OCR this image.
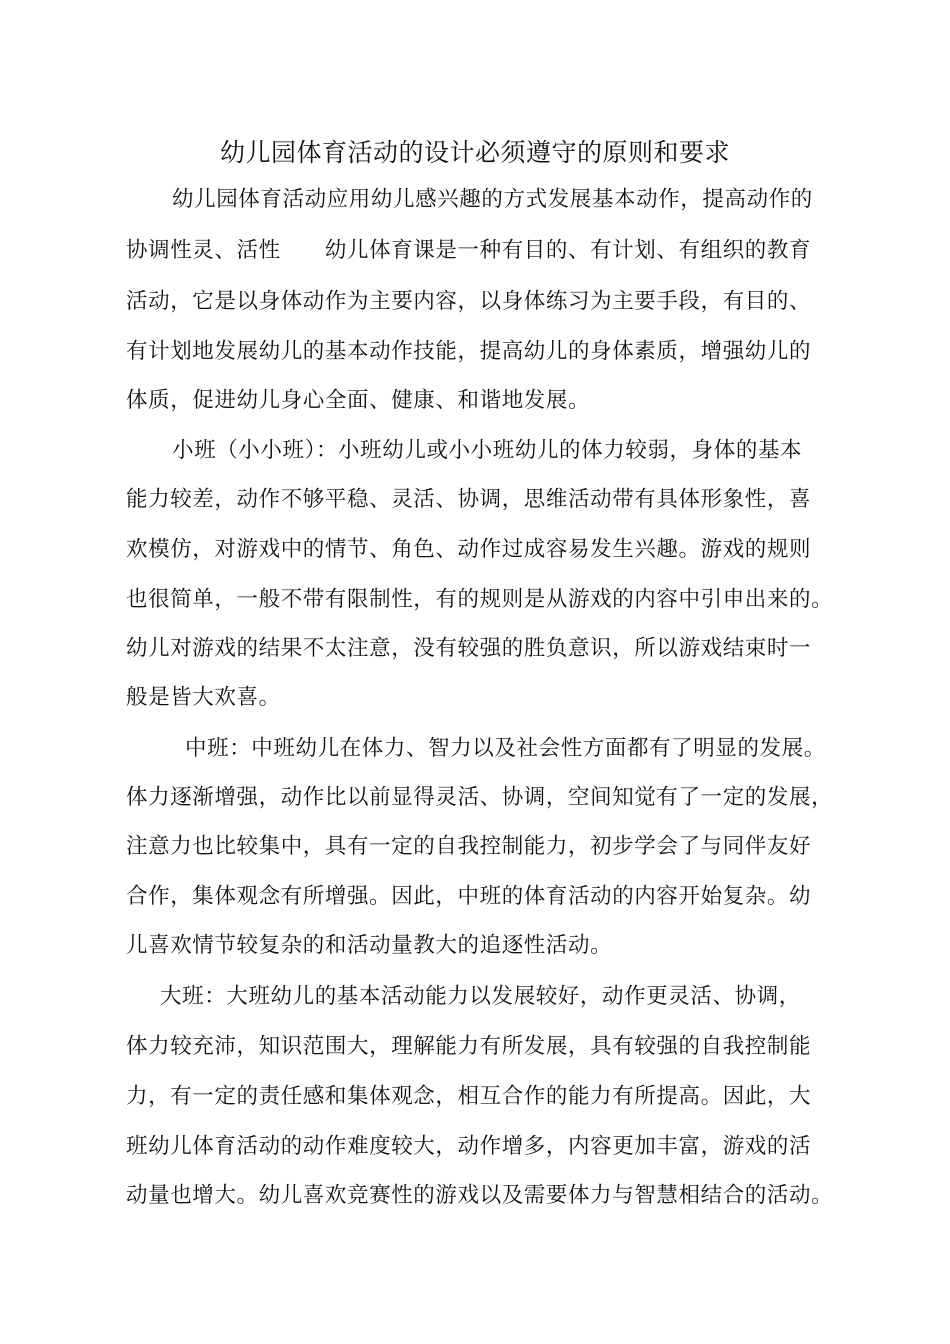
幼儿园体育活动的设计必须遵守的原则和要求
幼儿园体育活动应用幼儿感兴趣的方式发展基本动作，提高动作的
协调性灵、活性　　幼儿体育课是一种有目的、有计划、有组织的教育
活动，它是以身体动作为主要内容，以身体练习为主要手段，有目的、
有计划地发展幼儿的基本动作技能，提高幼儿的身体素质，增强幼儿的
体质，促进幼儿身心全面、健康、和谐地发展。
小班（小小班）：小班幼儿或小小班幼儿的体力较弱，身体的基本
能力较差，动作不够平稳、灵活、协调，思维活动带有具体形象性，喜
欢模仿，对游戏中的情节、角色、动作过成容易发生兴趣。游戏的规则
也很简单，一般不带有限制性，有的规则是从游戏的内容中引申出来的。
幼儿对游戏的结果不太注意，没有较强的胜负意识，所以游戏结束时一
般是皆大欢喜。
中班：中班幼儿在体力、智力以及社会性方面都有了明显的发展。
体力逐渐增强，动作比以前显得灵活、协调，空间知觉有了一定的发展，
注意力也比较集中，具有一定的自我控制能力，初步学会了与同伴友好
合作，集体观念有所增强。因此，中班的体育活动的内容开始复杂。幼
儿喜欢情节较复杂的和活动量教大的追逐性活动。
大班：大班幼儿的基本活动能力以发展较好，动作更灵活、协调，
体力较充沛，知识范围大，理解能力有所发展，具有较强的自我控制能
力，有一定的责任感和集体观念，相互合作的能力有所提高。因此，大
班幼儿体育活动的动作难度较大，动作增多，内容更加丰富，游戏的活
动量也增大。幼儿喜欢竞赛性的游戏以及需要体力与智慧相结合的活动。
